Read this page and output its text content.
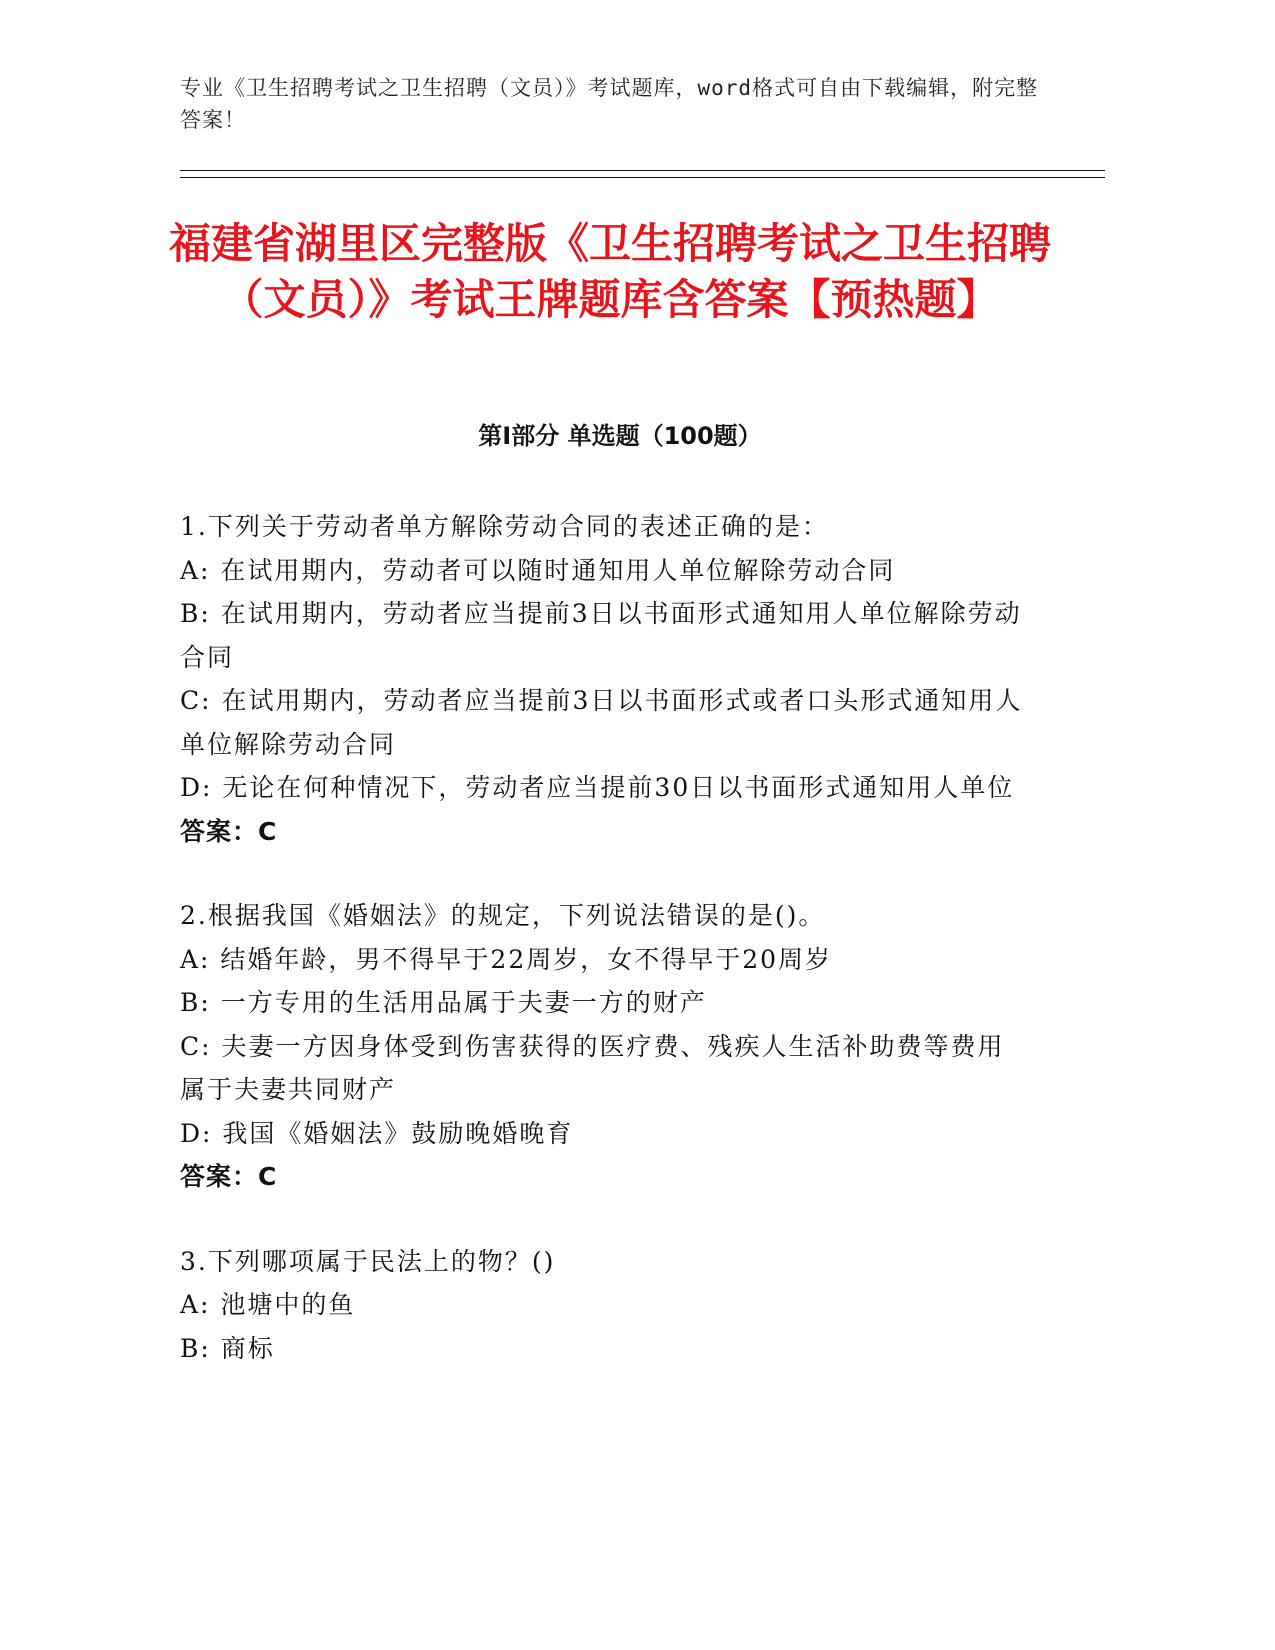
专业《卫生招聘考试之卫生招聘（文员）》考试题库，word格式可自由下载编辑，附完整答案！
福建省湖里区完整版《卫生招聘考试之卫生招聘（文员）》考试王牌题库含答案【预热题】
第Ⅰ部分 单选题（100题）

1.下列关于劳动者单方解除劳动合同的表述正确的是：

A: 在试用期内，劳动者可以随时通知用人单位解除劳动合同

B: 在试用期内，劳动者应当提前3日以书面形式通知用人单位解除劳动合同

C: 在试用期内，劳动者应当提前3日以书面形式或者口头形式通知用人单位解除劳动合同

D: 无论在何种情况下，劳动者应当提前30日以书面形式通知用人单位

答案：C

2.根据我国《婚姻法》的规定，下列说法错误的是()。

A: 结婚年龄，男不得早于22周岁，女不得早于20周岁

B: 一方专用的生活用品属于夫妻一方的财产

C: 夫妻一方因身体受到伤害获得的医疗费、残疾人生活补助费等费用属于夫妻共同财产

D: 我国《婚姻法》鼓励晚婚晚育

答案：C

3.下列哪项属于民法上的物？()

A: 池塘中的鱼

B: 商标
